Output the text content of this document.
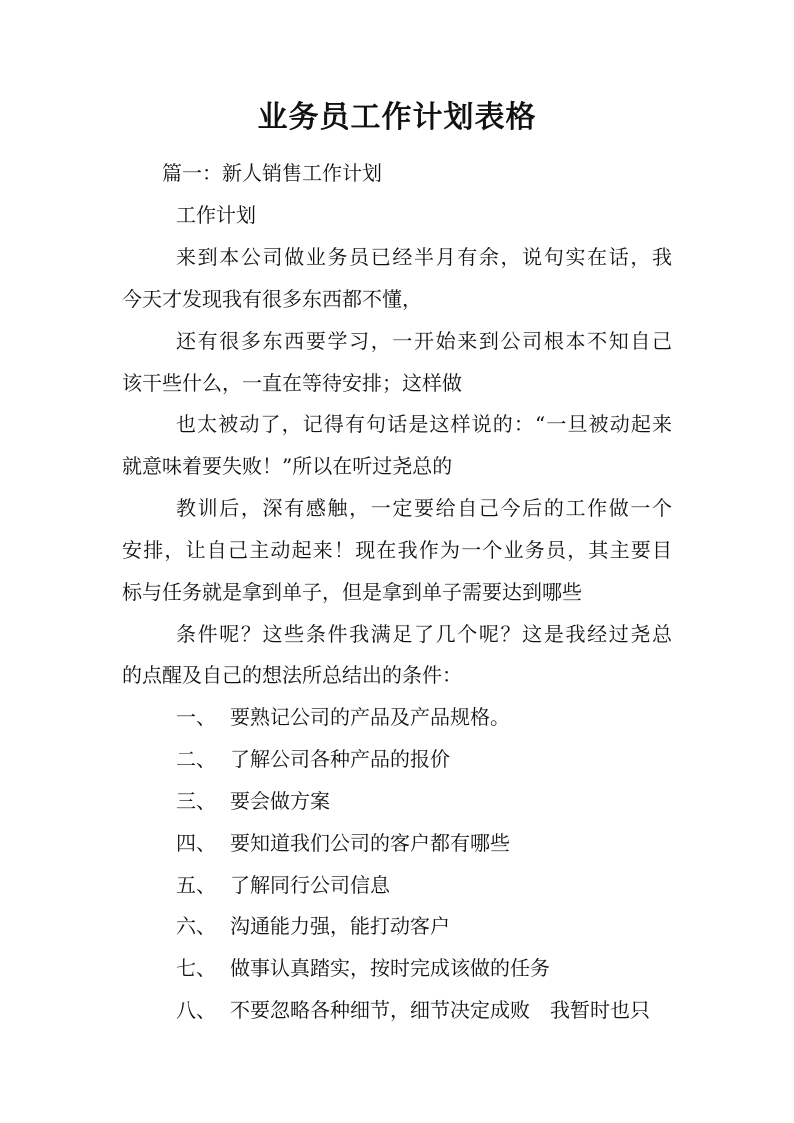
业务员工作计划表格
篇一：新人销售工作计划
工作计划
来到本公司做业务员已经半月有余，说句实在话，我
今天才发现我有很多东西都不懂，
还有很多东西要学习，一开始来到公司根本不知自己
该干些什么，一直在等待安排；这样做
也太被动了，记得有句话是这样说的：“一旦被动起来
就意味着要失败！”所以在听过尧总的
教训后，深有感触，一定要给自己今后的工作做一个
安排，让自己主动起来！现在我作为一个业务员，其主要目
标与任务就是拿到单子，但是拿到单子需要达到哪些
条件呢？这些条件我满足了几个呢？这是我经过尧总
的点醒及自己的想法所总结出的条件：
一、 要熟记公司的产品及产品规格。
二、 了解公司各种产品的报价
三、 要会做方案
四、 要知道我们公司的客户都有哪些
五、 了解同行公司信息
六、 沟通能力强，能打动客户
七、 做事认真踏实，按时完成该做的任务
八、 不要忽略各种细节，细节决定成败　我暂时也只
